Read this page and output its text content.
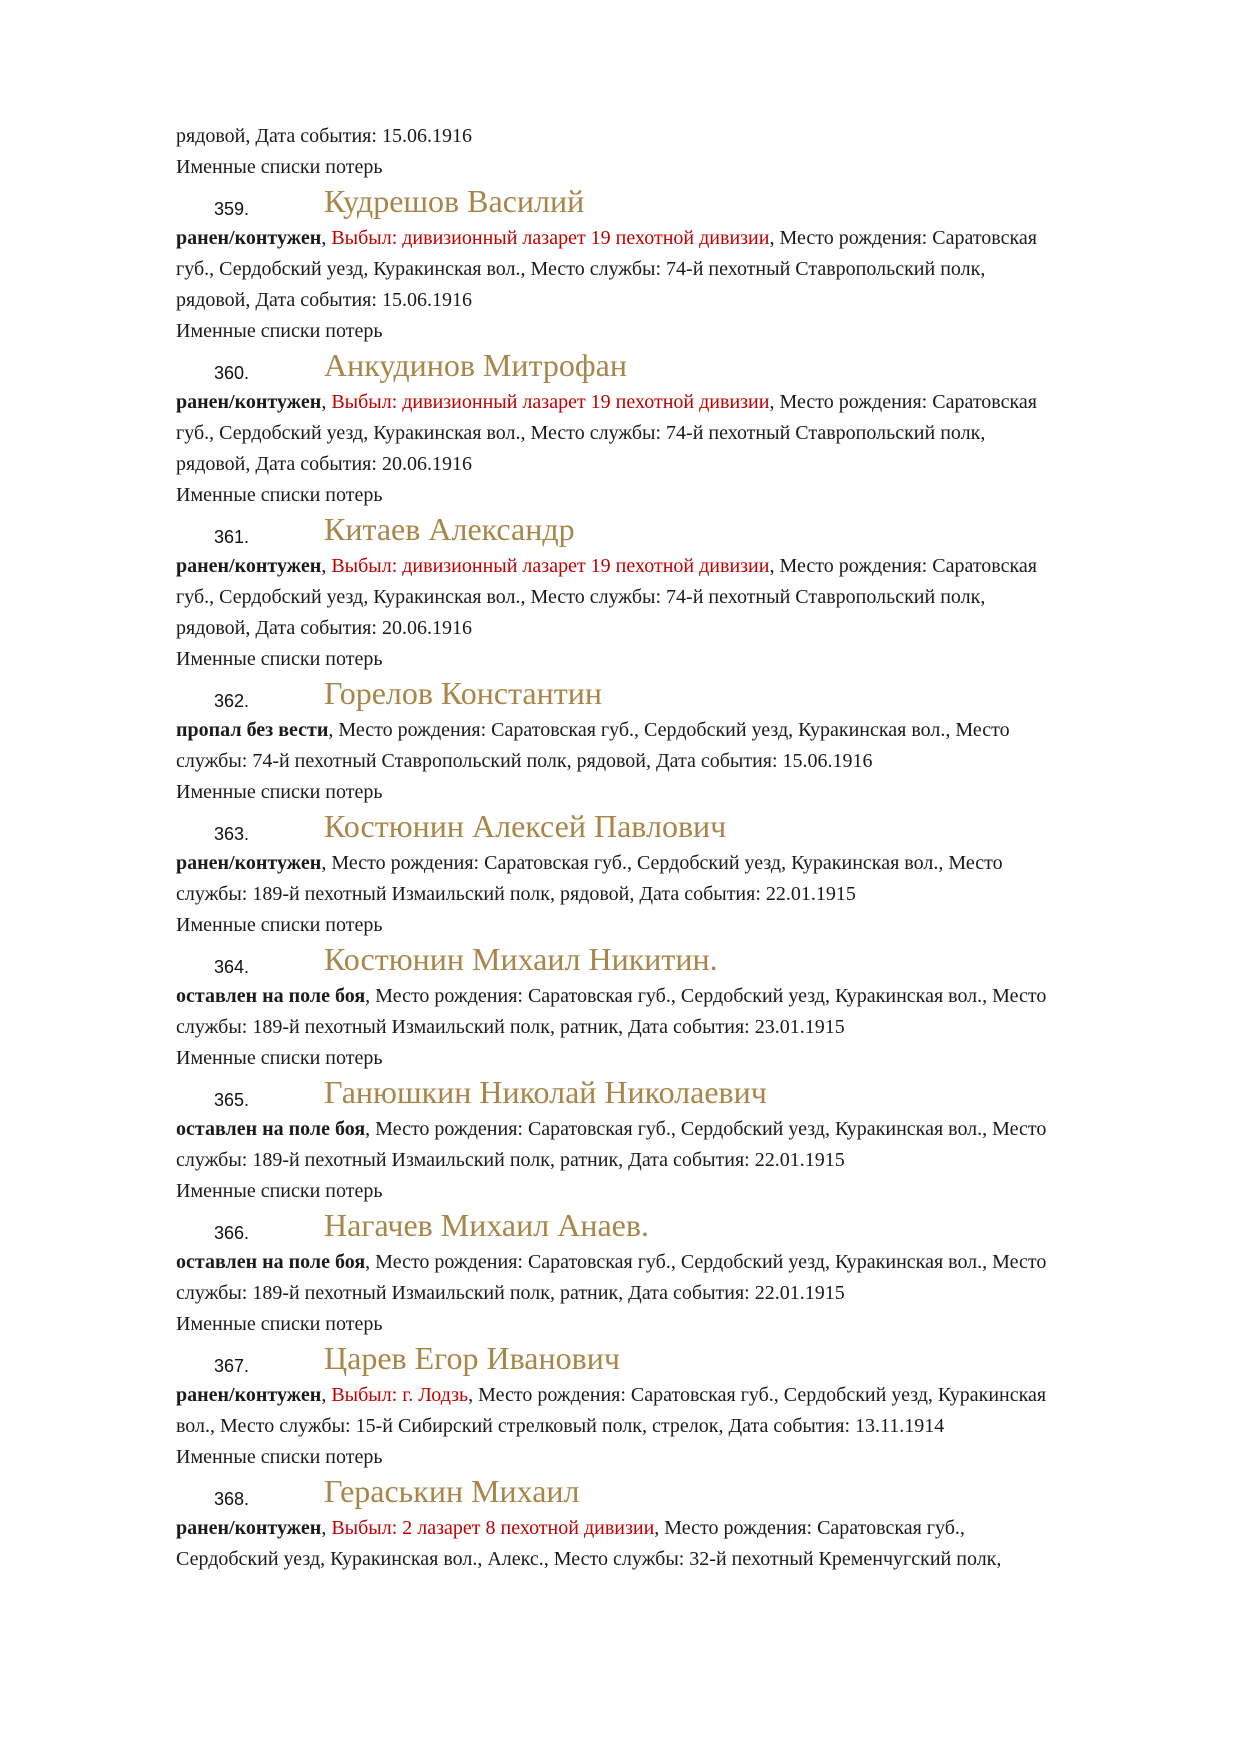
рядовой, Дата события: 15.06.1916
Именные списки потерь
359. Кудрешов Василий
ранен/контужен, Выбыл: дивизионный лазарет 19 пехотной дивизии, Место рождения: Саратовская
губ., Сердобский уезд, Куракинская вол., Место службы: 74-й пехотный Ставропольский полк,
рядовой, Дата события: 15.06.1916
Именные списки потерь
360. Анкудинов Митрофан
ранен/контужен, Выбыл: дивизионный лазарет 19 пехотной дивизии, Место рождения: Саратовская
губ., Сердобский уезд, Куракинская вол., Место службы: 74-й пехотный Ставропольский полк,
рядовой, Дата события: 20.06.1916
Именные списки потерь
361. Китаев Александр
ранен/контужен, Выбыл: дивизионный лазарет 19 пехотной дивизии, Место рождения: Саратовская
губ., Сердобский уезд, Куракинская вол., Место службы: 74-й пехотный Ставропольский полк,
рядовой, Дата события: 20.06.1916
Именные списки потерь
362. Горелов Константин
пропал без вести, Место рождения: Саратовская губ., Сердобский уезд, Куракинская вол., Место
службы: 74-й пехотный Ставропольский полк, рядовой, Дата события: 15.06.1916
Именные списки потерь
363. Костюнин Алексей Павлович
ранен/контужен, Место рождения: Саратовская губ., Сердобский уезд, Куракинская вол., Место
службы: 189-й пехотный Измаильский полк, рядовой, Дата события: 22.01.1915
Именные списки потерь
364. Костюнин Михаил Никитин.
оставлен на поле боя, Место рождения: Саратовская губ., Сердобский уезд, Куракинская вол., Место
службы: 189-й пехотный Измаильский полк, ратник, Дата события: 23.01.1915
Именные списки потерь
365. Ганюшкин Николай Николаевич
оставлен на поле боя, Место рождения: Саратовская губ., Сердобский уезд, Куракинская вол., Место
службы: 189-й пехотный Измаильский полк, ратник, Дата события: 22.01.1915
Именные списки потерь
366. Нагачев Михаил Анаев.
оставлен на поле боя, Место рождения: Саратовская губ., Сердобский уезд, Куракинская вол., Место
службы: 189-й пехотный Измаильский полк, ратник, Дата события: 22.01.1915
Именные списки потерь
367. Царев Егор Иванович
ранен/контужен, Выбыл: г. Лодзь, Место рождения: Саратовская губ., Сердобский уезд, Куракинская
вол., Место службы: 15-й Сибирский стрелковый полк, стрелок, Дата события: 13.11.1914
Именные списки потерь
368. Гераськин Михаил
ранен/контужен, Выбыл: 2 лазарет 8 пехотной дивизии, Место рождения: Саратовская губ.,
Сердобский уезд, Куракинская вол., Алекс., Место службы: 32-й пехотный Кременчугский полк,
